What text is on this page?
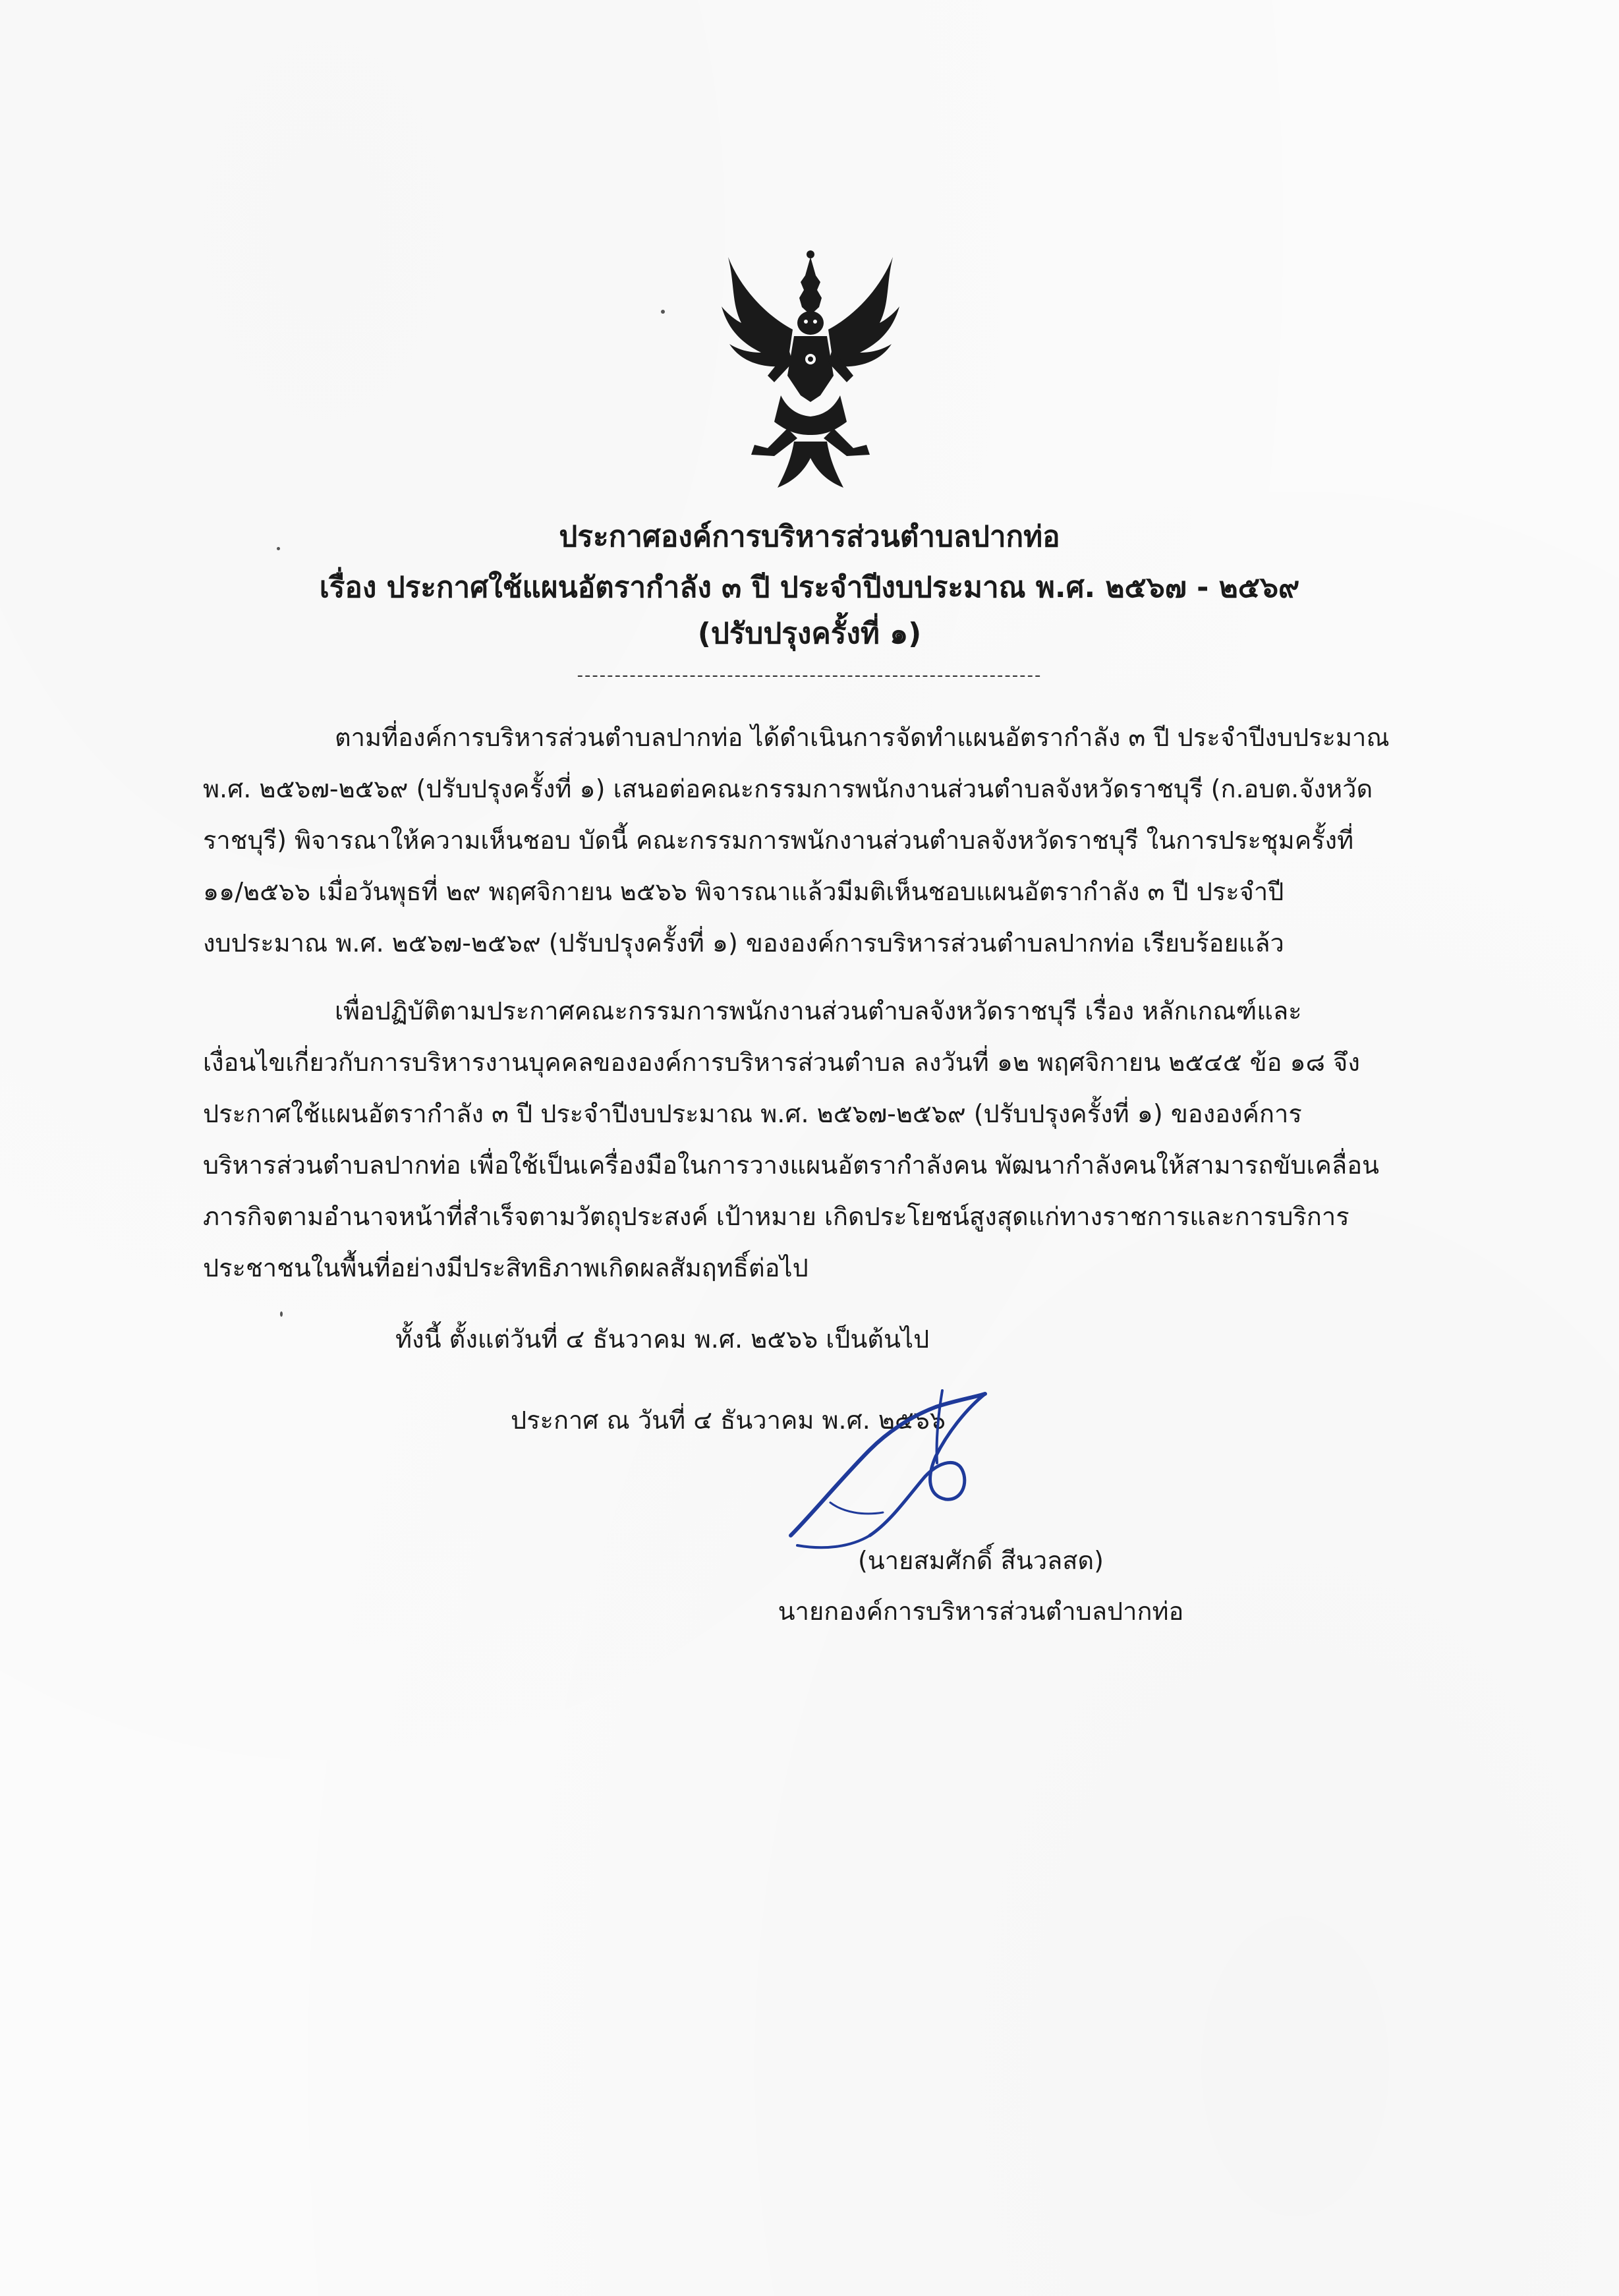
ประกาศองค์การบริหารส่วนตำบลปากท่อ
เรื่อง ประกาศใช้แผนอัตรากำลัง ๓ ปี ประจำปีงบประมาณ พ.ศ. ๒๕๖๗ - ๒๕๖๙
(ปรับปรุงครั้งที่ ๑)
--------------------------------------------------------------
ตามที่องค์การบริหารส่วนตำบลปากท่อ ได้ดำเนินการจัดทำแผนอัตรากำลัง ๓ ปี ประจำปีงบประมาณ
พ.ศ. ๒๕๖๗-๒๕๖๙ (ปรับปรุงครั้งที่ ๑) เสนอต่อคณะกรรมการพนักงานส่วนตำบลจังหวัดราชบุรี (ก.อบต.จังหวัด
ราชบุรี) พิจารณาให้ความเห็นชอบ บัดนี้ คณะกรรมการพนักงานส่วนตำบลจังหวัดราชบุรี ในการประชุมครั้งที่
๑๑/๒๕๖๖ เมื่อวันพุธที่ ๒๙ พฤศจิกายน ๒๕๖๖ พิจารณาแล้วมีมติเห็นชอบแผนอัตรากำลัง ๓ ปี ประจำปี
งบประมาณ พ.ศ. ๒๕๖๗-๒๕๖๙ (ปรับปรุงครั้งที่ ๑) ขององค์การบริหารส่วนตำบลปากท่อ เรียบร้อยแล้ว
เพื่อปฏิบัติตามประกาศคณะกรรมการพนักงานส่วนตำบลจังหวัดราชบุรี เรื่อง หลักเกณฑ์และ
เงื่อนไขเกี่ยวกับการบริหารงานบุคคลขององค์การบริหารส่วนตำบล ลงวันที่ ๑๒ พฤศจิกายน ๒๕๔๕ ข้อ ๑๘ จึง
ประกาศใช้แผนอัตรากำลัง ๓ ปี ประจำปีงบประมาณ พ.ศ. ๒๕๖๗-๒๕๖๙ (ปรับปรุงครั้งที่ ๑) ขององค์การ
บริหารส่วนตำบลปากท่อ เพื่อใช้เป็นเครื่องมือในการวางแผนอัตรากำลังคน พัฒนากำลังคนให้สามารถขับเคลื่อน
ภารกิจตามอำนาจหน้าที่สำเร็จตามวัตถุประสงค์ เป้าหมาย เกิดประโยชน์สูงสุดแก่ทางราชการและการบริการ
ประชาชนในพื้นที่อย่างมีประสิทธิภาพเกิดผลสัมฤทธิ์ต่อไป
ทั้งนี้ ตั้งแต่วันที่ ๔ ธันวาคม พ.ศ. ๒๕๖๖ เป็นต้นไป
ประกาศ ณ วันที่ ๔ ธันวาคม พ.ศ. ๒๕๖๖
(นายสมศักดิ์ สีนวลสด)
นายกองค์การบริหารส่วนตำบลปากท่อ
